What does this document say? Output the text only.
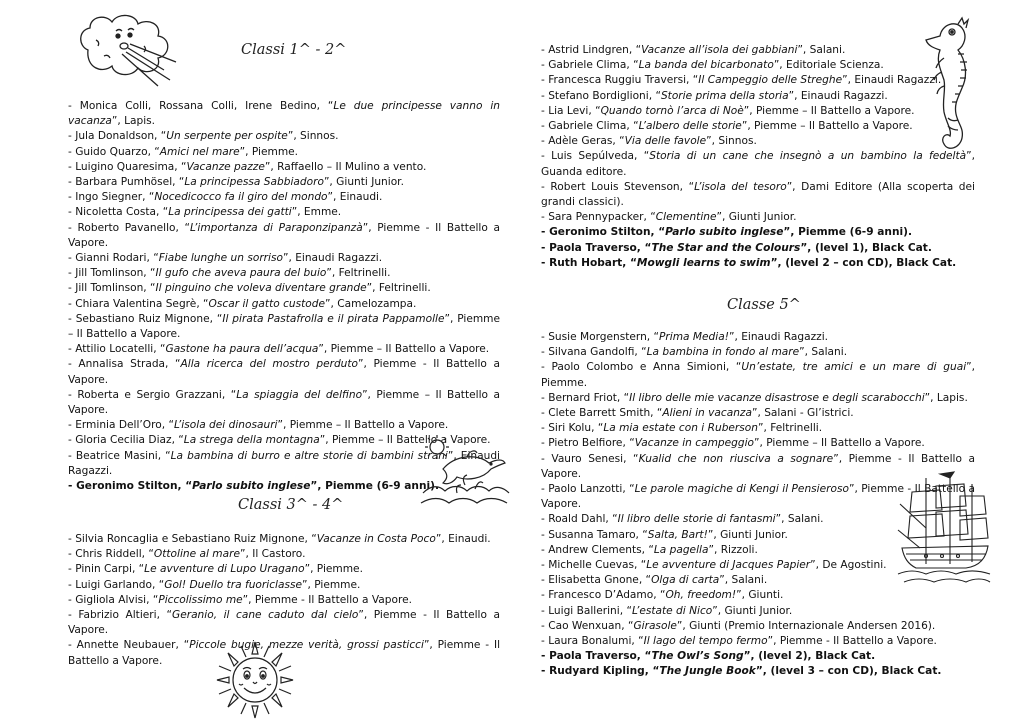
Classi 1^ - 2^
Classi 3^ - 4^
Classe 5^

- Monica Colli, Rossana Colli, Irene Bedino, “Le due principesse vanno in vacanza”, Lapis.

- Jula Donaldson, “Un serpente per ospite”, Sinnos.

- Guido Quarzo, “Amici nel mare”, Piemme.

- Luigino Quaresima, “Vacanze pazze”, Raffaello – Il Mulino a vento.

- Barbara Pumhösel, “La principessa Sabbiadoro”, Giunti Junior.

- Ingo Siegner, “Nocedicocco fa il giro del mondo”, Einaudi.

- Nicoletta Costa, “La principessa dei gatti”, Emme.

- Roberto Pavanello, “L’importanza di Paraponzipanzà”, Piemme - Il Battello a Vapore.

- Gianni Rodari, “Fiabe lunghe un sorriso”, Einaudi Ragazzi.

- Jill Tomlinson, “Il gufo che aveva paura del buio”, Feltrinelli.

- Jill Tomlinson, “Il pinguino che voleva diventare grande”, Feltrinelli.

- Chiara Valentina Segrè, “Oscar il gatto custode”, Camelozampa.

- Sebastiano Ruiz Mignone, “Il pirata Pastafrolla e il pirata Pappamolle”, Piemme – Il Battello a Vapore.

- Attilio Locatelli, “Gastone ha paura dell’acqua”, Piemme – Il Battello a Vapore.

- Annalisa Strada, “Alla ricerca del mostro perduto”, Piemme - Il Battello a Vapore.

- Roberta e Sergio Grazzani, “La spiaggia del delfino”, Piemme – Il Battello a Vapore.

- Erminia Dell’Oro, “L’isola dei dinosauri”, Piemme – Il Battello a Vapore.

- Gloria Cecilia Diaz, “La strega della montagna”, Piemme – Il Battello a Vapore.

- Beatrice Masini, “La bambina di burro e altre storie di bambini strani”, Einaudi Ragazzi.

- Geronimo Stilton, “Parlo subito inglese”, Piemme (6-9 anni).

- Silvia Roncaglia e Sebastiano Ruiz Mignone, “Vacanze in Costa Poco”, Einaudi.

- Chris Riddell, “Ottoline al mare”, Il Castoro.

- Pinin Carpi, “Le avventure di Lupo Uragano”, Piemme.

- Luigi Garlando, “Gol! Duello tra fuoriclasse”, Piemme.

- Gigliola Alvisi, “Piccolissimo me”, Piemme - Il Battello a Vapore.

- Fabrizio Altieri, “Geranio, il cane caduto dal cielo”, Piemme - Il Battello a Vapore.

- Annette Neubauer, “Piccole bugie, mezze verità, grossi pasticci”, Piemme - Il Battello a Vapore.

- Astrid Lindgren, “Vacanze all’isola dei gabbiani”, Salani.

- Gabriele Clima, “La banda del bicarbonato”, Editoriale Scienza.

- Francesca Ruggiu Traversi, “Il Campeggio delle Streghe”, Einaudi Ragazzi.

- Stefano Bordiglioni, “Storie prima della storia”, Einaudi Ragazzi.

- Lia Levi, “Quando tornò l’arca di Noè”, Piemme – Il Battello a Vapore.

- Gabriele Clima, “L’albero delle storie”, Piemme – Il Battello a Vapore.

- Adèle Geras, “Via delle favole”, Sinnos.

- Luis Sepúlveda, “Storia di un cane che insegnò a un bambino la fedeltà”, Guanda editore.

- Robert Louis Stevenson, “L’isola del tesoro”, Dami Editore (Alla scoperta dei grandi classici).

- Sara Pennypacker, “Clementine”, Giunti Junior.

- Geronimo Stilton, “Parlo subito inglese”, Piemme (6-9 anni).

- Paola Traverso, “The Star and the Colours”, (level 1), Black Cat.

- Ruth Hobart, “Mowgli learns to swim”, (level 2 – con CD), Black Cat.

- Susie Morgenstern, “Prima Media!”, Einaudi Ragazzi.

- Silvana Gandolfi, “La bambina in fondo al mare”, Salani.

- Paolo Colombo e Anna Simioni, “Un’estate, tre amici e un mare di guai”, Piemme.

- Bernard Friot, “Il libro delle mie vacanze disastrose e degli scarabocchi”, Lapis.

- Clete Barrett Smith, “Alieni in vacanza”, Salani - Gl’istrici.

- Siri Kolu, “La mia estate con i Ruberson”, Feltrinelli.

- Pietro Belfiore, “Vacanze in campeggio”, Piemme – Il Battello a Vapore.

- Vauro Senesi, “Kualid che non riusciva a sognare”, Piemme - Il Battello a Vapore.

- Paolo Lanzotti, “Le parole magiche di Kengi il Pensieroso”, Piemme - Il Battello a Vapore.

- Roald Dahl, “Il libro delle storie di fantasmi”, Salani.

- Susanna Tamaro, “Salta, Bart!”, Giunti Junior.

- Andrew Clements, “La pagella”, Rizzoli.

- Michelle Cuevas, “Le avventure di Jacques Papier”, De Agostini.

- Elisabetta Gnone, “Olga di carta”, Salani.

- Francesco D’Adamo, “Oh, freedom!”, Giunti.

- Luigi Ballerini, “L’estate di Nico”, Giunti Junior.

- Cao Wenxuan, “Girasole”, Giunti (Premio Internazionale Andersen 2016).

- Laura Bonalumi, “Il lago del tempo fermo”, Piemme - Il Battello a Vapore.

- Paola Traverso, “The Owl’s Song”, (level 2), Black Cat.

- Rudyard Kipling, “The Jungle Book”, (level 3 – con CD), Black Cat.
